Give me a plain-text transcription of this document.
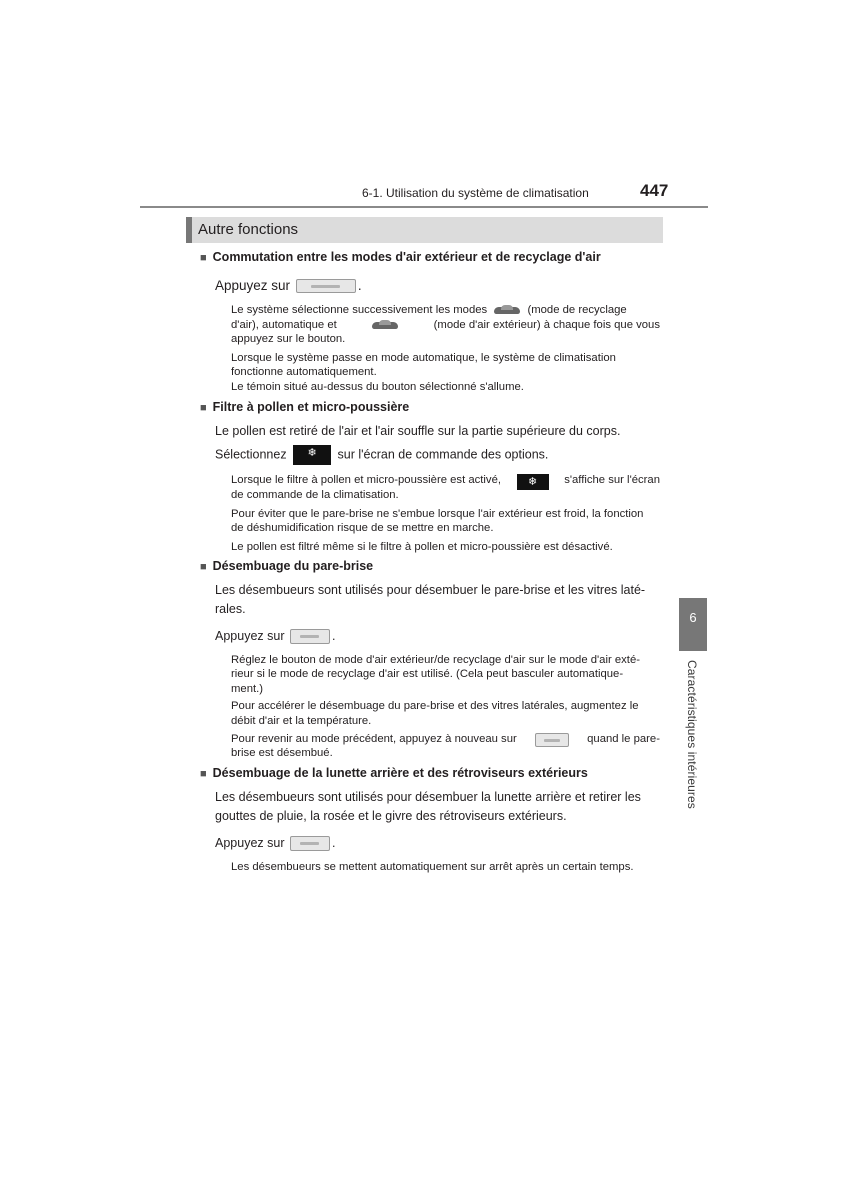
6-1. Utilisation du système de climatisation	447
Autre fonctions
6
Caractéristiques intérieures
■ Commutation entre les modes d'air extérieur et de recyclage d'air
Appuyez sur	.
Le système sélectionne successivement les modes	(mode de recyclage
d'air), automatique et	(mode d'air extérieur) à chaque fois que vous
appuyez sur le bouton.
Lorsque le système passe en mode automatique, le système de climatisation
fonctionne automatiquement.
Le témoin situé au-dessus du bouton sélectionné s'allume.
■ Filtre à pollen et micro-poussière
Le pollen est retiré de l'air et l'air souffle sur la partie supérieure du corps.
Sélectionnez ❄	sur l'écran de commande des options.
Lorsque le filtre à pollen et micro-poussière est activé, ❄	s'affiche sur l'écran
de commande de la climatisation.
Pour éviter que le pare-brise ne s'embue lorsque l'air extérieur est froid, la fonction
de déshumidification risque de se mettre en marche.
Le pollen est filtré même si le filtre à pollen et micro-poussière est désactivé.
■ Désembuage du pare-brise
Les désembueurs sont utilisés pour désembuer le pare-brise et les vitres laté-
rales.
Appuyez sur	.
Réglez le bouton de mode d'air extérieur/de recyclage d'air sur le mode d'air exté-
rieur si le mode de recyclage d'air est utilisé. (Cela peut basculer automatique-
ment.)
Pour accélérer le désembuage du pare-brise et des vitres latérales, augmentez le
débit d'air et la température.
Pour revenir au mode précédent, appuyez à nouveau sur	quand le pare-
brise est désembué.
■ Désembuage de la lunette arrière et des rétroviseurs extérieurs
Les désembueurs sont utilisés pour désembuer la lunette arrière et retirer les
gouttes de pluie, la rosée et le givre des rétroviseurs extérieurs.
Appuyez sur	.
Les désembueurs se mettent automatiquement sur arrêt après un certain temps.
